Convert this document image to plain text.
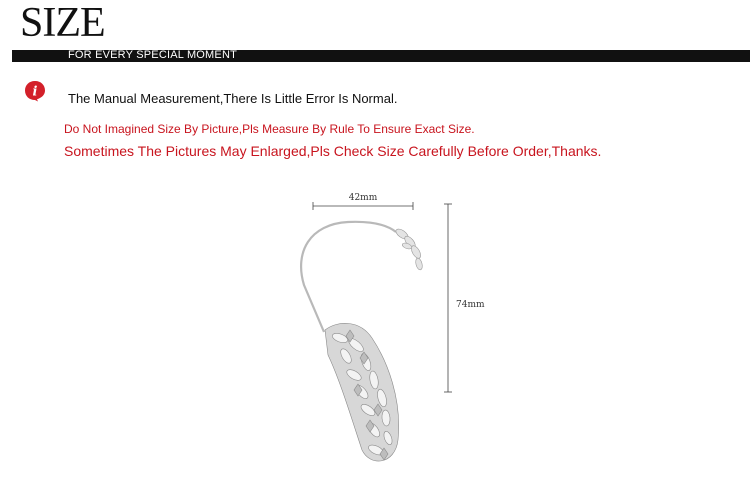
SIZE
FOR EVERY SPECIAL MOMENT
i The Manual Measurement,There Is Little Error Is Normal.
Do Not Imagined Size By Picture,Pls Measure By Rule To Ensure Exact Size.
Sometimes The Pictures May Enlarged,Pls Check Size Carefully Before Order,Thanks.
42mm
74mm
